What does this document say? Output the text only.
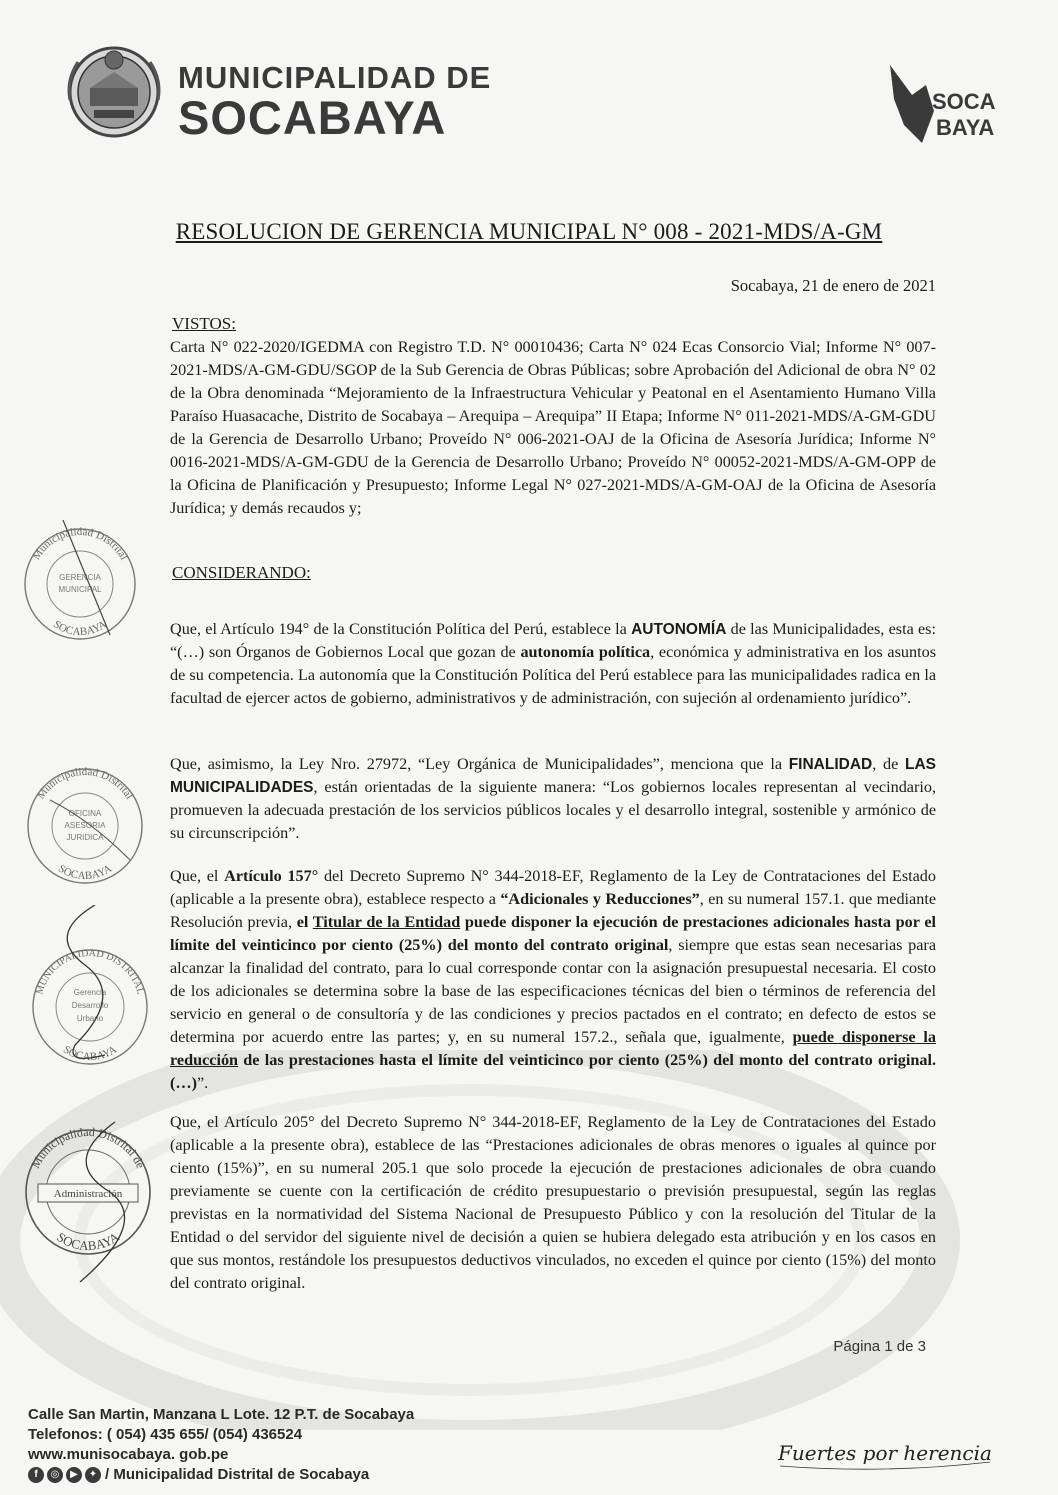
MUNICIPALIDAD DE
SOCABAYA	SOCA
BAYA
RESOLUCION DE GERENCIA MUNICIPAL N° 008 - 2021-MDS/A-GM
Socabaya, 21 de enero de 2021
VISTOS:

Carta N° 022-2020/IGEDMA con Registro T.D. N° 00010436; Carta N° 024 Ecas Consorcio Vial; Informe N° 007-2021-MDS/A-GM-GDU/SGOP de la Sub Gerencia de Obras Públicas; sobre Aprobación del Adicional de obra N° 02 de la Obra denominada “Mejoramiento de la Infraestructura Vehicular y Peatonal en el Asentamiento Humano Villa Paraíso Huasacache, Distrito de Socabaya – Arequipa – Arequipa” II Etapa; Informe N° 011-2021-MDS/A-GM-GDU de la Gerencia de Desarrollo Urbano; Proveído N° 006-2021-OAJ de la Oficina de Asesoría Jurídica; Informe N° 0016-2021-MDS/A-GM-GDU de la Gerencia de Desarrollo Urbano; Proveído N° 00052-2021-MDS/A-GM-OPP de la Oficina de Planificación y Presupuesto; Informe Legal N° 027-2021-MDS/A-GM-OAJ de la Oficina de Asesoría Jurídica; y demás recaudos y;

CONSIDERANDO:

Que, el Artículo 194° de la Constitución Política del Perú, establece la AUTONOMÍA de las Municipalidades, esta es: “(…) son Órganos de Gobiernos Local que gozan de autonomía política, económica y administrativa en los asuntos de su competencia. La autonomía que la Constitución Política del Perú establece para las municipalidades radica en la facultad de ejercer actos de gobierno, administrativos y de administración, con sujeción al ordenamiento jurídico”.

Que, asimismo, la Ley Nro. 27972, “Ley Orgánica de Municipalidades”, menciona que la FINALIDAD, de LAS MUNICIPALIDADES, están orientadas de la siguiente manera: “Los gobiernos locales representan al vecindario, promueven la adecuada prestación de los servicios públicos locales y el desarrollo integral, sostenible y armónico de su circunscripción”.

Que, el Artículo 157° del Decreto Supremo N° 344-2018-EF, Reglamento de la Ley de Contrataciones del Estado (aplicable a la presente obra), establece respecto a “Adicionales y Reducciones”, en su numeral 157.1. que mediante Resolución previa, el Titular de la Entidad puede disponer la ejecución de prestaciones adicionales hasta por el límite del veinticinco por ciento (25%) del monto del contrato original, siempre que estas sean necesarias para alcanzar la finalidad del contrato, para lo cual corresponde contar con la asignación presupuestal necesaria. El costo de los adicionales se determina sobre la base de las especificaciones técnicas del bien o términos de referencia del servicio en general o de consultoría y de las condiciones y precios pactados en el contrato; en defecto de estos se determina por acuerdo entre las partes; y, en su numeral 157.2., señala que, igualmente, puede disponerse la reducción de las prestaciones hasta el límite del veinticinco por ciento (25%) del monto del contrato original. (…)”.

Que, el Artículo 205° del Decreto Supremo N° 344-2018-EF, Reglamento de la Ley de Contrataciones del Estado (aplicable a la presente obra), establece de las “Prestaciones adicionales de obras menores o iguales al quince por ciento (15%)”, en su numeral 205.1 que solo procede la ejecución de prestaciones adicionales de obra cuando previamente se cuente con la certificación de crédito presupuestario o previsión presupuestal, según las reglas previstas en la normatividad del Sistema Nacional de Presupuesto Público y con la resolución del Titular de la Entidad o del servidor del siguiente nivel de decisión a quien se hubiera delegado esta atribución y en los casos en que sus montos, restándole los presupuestos deductivos vinculados, no exceden el quince por ciento (15%) del monto del contrato original.

Municipalidad Distrital
SOCABAYA
GERENCIA
MUNICIPAL
Municipalidad Distrital
SOCABAYA
OFICINA
ASESORIA
JURIDICA
MUNICIPALIDAD DISTRITAL
SOCABAYA
Gerencia
Desarrollo
Urbano
Municipalidad Distrital de
SOCABAYA
Administración
Página 1 de 3
Calle San Martin, Manzana L Lote. 12 P.T. de Socabaya
Telefonos: ( 054) 435 655/ (054) 436524
www.munisocabaya. gob.pe
f	◎	▶	✦ / Municipalidad Distrital de Socabaya
Fuertes por herencia
